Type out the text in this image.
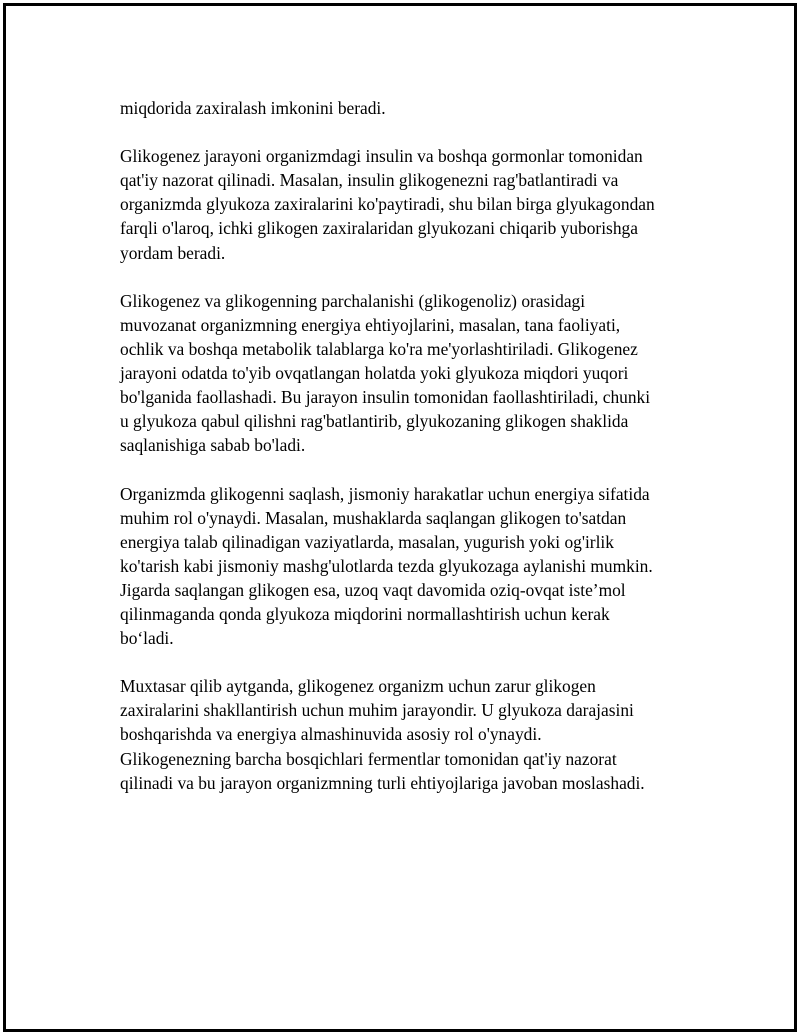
miqdorida zaxiralash imkonini beradi.

Glikogenez jarayoni organizmdagi insulin va boshqa gormonlar tomonidan
qat'iy nazorat qilinadi. Masalan, insulin glikogenezni rag'batlantiradi va
organizmda glyukoza zaxiralarini ko'paytiradi, shu bilan birga glyukagondan
farqli o'laroq, ichki glikogen zaxiralaridan glyukozani chiqarib yuborishga
yordam beradi.

Glikogenez va glikogenning parchalanishi (glikogenoliz) orasidagi
muvozanat organizmning energiya ehtiyojlarini, masalan, tana faoliyati,
ochlik va boshqa metabolik talablarga ko'ra me'yorlashtiriladi. Glikogenez
jarayoni odatda to'yib ovqatlangan holatda yoki glyukoza miqdori yuqori
bo'lganida faollashadi. Bu jarayon insulin tomonidan faollashtiriladi, chunki
u glyukoza qabul qilishni rag'batlantirib, glyukozaning glikogen shaklida
saqlanishiga sabab bo'ladi.

Organizmda glikogenni saqlash, jismoniy harakatlar uchun energiya sifatida
muhim rol o'ynaydi. Masalan, mushaklarda saqlangan glikogen to'satdan
energiya talab qilinadigan vaziyatlarda, masalan, yugurish yoki og'irlik
ko'tarish kabi jismoniy mashg'ulotlarda tezda glyukozaga aylanishi mumkin.
Jigarda saqlangan glikogen esa, uzoq vaqt davomida oziq-ovqat iste’mol
qilinmaganda qonda glyukoza miqdorini normallashtirish uchun kerak
bo‘ladi.

Muxtasar qilib aytganda, glikogenez organizm uchun zarur glikogen
zaxiralarini shakllantirish uchun muhim jarayondir. U glyukoza darajasini
boshqarishda va energiya almashinuvida asosiy rol o'ynaydi.
Glikogenezning barcha bosqichlari fermentlar tomonidan qat'iy nazorat
qilinadi va bu jarayon organizmning turli ehtiyojlariga javoban moslashadi.
